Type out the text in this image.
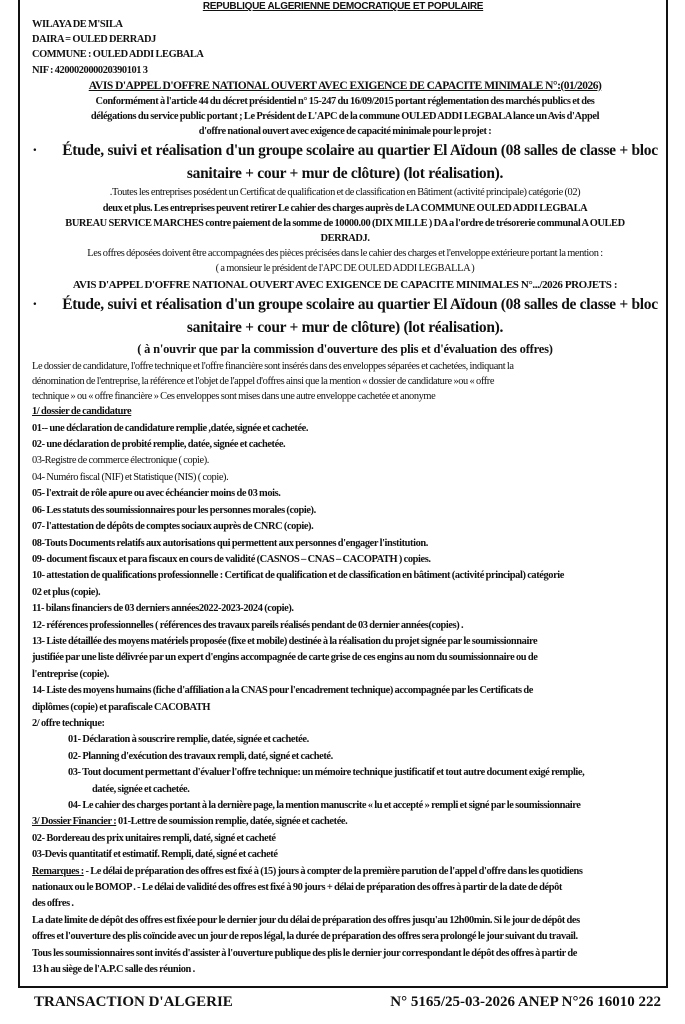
REPUBLIQUE ALGERIENNE DEMOCRATIQUE ET POPULAIRE
WILAYA DE M'SILA
DAIRA = OULED DERRADJ
COMMUNE : OULED ADDI LEGBALA
NIF : 420002000020390101 3
AVIS D'APPEL D'OFFRE NATIONAL OUVERT AVEC EXIGENCE DE CAPACITE MINIMALE N°:(01/2026)
Conformément à l'article 44 du décret présidentiel n° 15-247 du 16/09/2015 portant réglementation des marchés publics et des
délégations du service public portant ; Le Président de L'APC de la commune OULED ADDI LEGBALA lance un Avis d'Appel
d'offre national ouvert avec exigence de capacité minimale pour le projet :
· Étude, suivi et réalisation d'un groupe scolaire au quartier El Aïdoun (08 salles de classe + bloc
sanitaire + cour + mur de clôture) (lot réalisation).
.Toutes les entreprises posédent un Certificat de qualification et de classification en Bâtiment (activité principale) catégorie (02)
deux et plus. Les entreprises peuvent retirer Le cahier des charges auprès de LA COMMUNE OULED ADDI LEGBALA
BUREAU SERVICE MARCHES contre paiement de la somme de 10000.00 (DIX MILLE ) DA a l'ordre de trésorerie communal A OULED
DERRADJ.
Les offres déposées doivent être accompagnées des pièces précisées dans le cahier des charges et l'enveloppe extérieure portant la mention :
( a monsieur le président de l'APC DE OULED ADDI LEGBALLA )
AVIS D'APPEL D'OFFRE NATIONAL OUVERT AVEC EXIGENCE DE CAPACITE MINIMALES N°.../2026 PROJETS :
· Étude, suivi et réalisation d'un groupe scolaire au quartier El Aïdoun (08 salles de classe + bloc
sanitaire + cour + mur de clôture) (lot réalisation).
( à n'ouvrir que par la commission d'ouverture des plis et d'évaluation des offres)
Le dossier de candidature, l'offre technique et l'offre financière sont insérés dans des enveloppes séparées et cachetées, indiquant la
dénomination de l'entreprise, la référence et l'objet de l'appel d'offres ainsi que la mention « dossier de candidature »ou « offre
technique » ou « offre financière » Ces enveloppes sont mises dans une autre enveloppe cachetée et anonyme
1/ dossier de candidature
01-- une déclaration de candidature remplie ,datée, signée et cachetée.
02- une déclaration de probité remplie, datée, signée et cachetée.
03-Registre de commerce électronique ( copie).
04- Numéro fiscal (NIF) et Statistique (NIS) ( copie).
05- l'extrait de rôle apure ou avec échéancier moins de 03 mois.
06- Les statuts des soumissionnaires pour les personnes morales (copie).
07- l'attestation de dépôts de comptes sociaux auprès de CNRC (copie).
08-Touts Documents relatifs aux autorisations qui permettent aux personnes d'engager l'institution.
09- document fiscaux et para fiscaux en cours de validité (CASNOS – CNAS – CACOPATH ) copies.
10- attestation de qualifications professionnelle : Certificat de qualification et de classification en bâtiment (activité principal) catégorie
02 et plus (copie).
11- bilans financiers de 03 derniers années2022-2023-2024 (copie).
12- références professionnelles ( références des travaux pareils réalisés pendant de 03 dernier années(copies) .
13- Liste détaillée des moyens matériels proposée (fixe et mobile) destinée à la réalisation du projet signée par le soumissionnaire
justifiée par une liste délivrée par un expert d'engins accompagnée de carte grise de ces engins au nom du soumissionnaire ou de
l'entreprise (copie).
14- Liste des moyens humains (fiche d'affiliation a la CNAS pour l'encadrement technique) accompagnée par les Certificats de
diplômes (copie) et parafiscale CACOBATH
2/ offre technique:
01- Déclaration à souscrire remplie, datée, signée et cachetée.
02- Planning d'exécution des travaux rempli, daté, signé et cacheté.
03- Tout document permettant d'évaluer l'offre technique: un mémoire technique justificatif et tout autre document exigé remplie,
datée, signée et cachetée.
04- Le cahier des charges portant à la dernière page, la mention manuscrite « lu et accepté » rempli et signé par le soumissionnaire
3/ Dossier Financier : 01-Lettre de soumission remplie, datée, signée et cachetée.
02- Bordereau des prix unitaires rempli, daté, signé et cacheté
03-Devis quantitatif et estimatif. Rempli, daté, signé et cacheté
Remarques : - Le délai de préparation des offres est fixé à (15) jours à compter de la première parution de l'appel d'offre dans les quotidiens
nationaux ou le BOMOP . - Le délai de validité des offres est fixé à 90 jours + délai de préparation des offres à partir de la date de dépôt
des offres .
La date limite de dépôt des offres est fixée pour le dernier jour du délai de préparation des offres jusqu'au 12h00min. Si le jour de dépôt des
offres et l'ouverture des plis coïncide avec un jour de repos légal, la durée de préparation des offres sera prolongé le jour suivant du travail.
Tous les soumissionnaires sont invités d'assister à l'ouverture publique des plis le dernier jour correspondant le dépôt des offres à partir de
13 h au siège de l'A.P.C salle des réunion .
TRANSACTION D'ALGERIE	N° 5165/25-03-2026 ANEP N°26 16010 222
